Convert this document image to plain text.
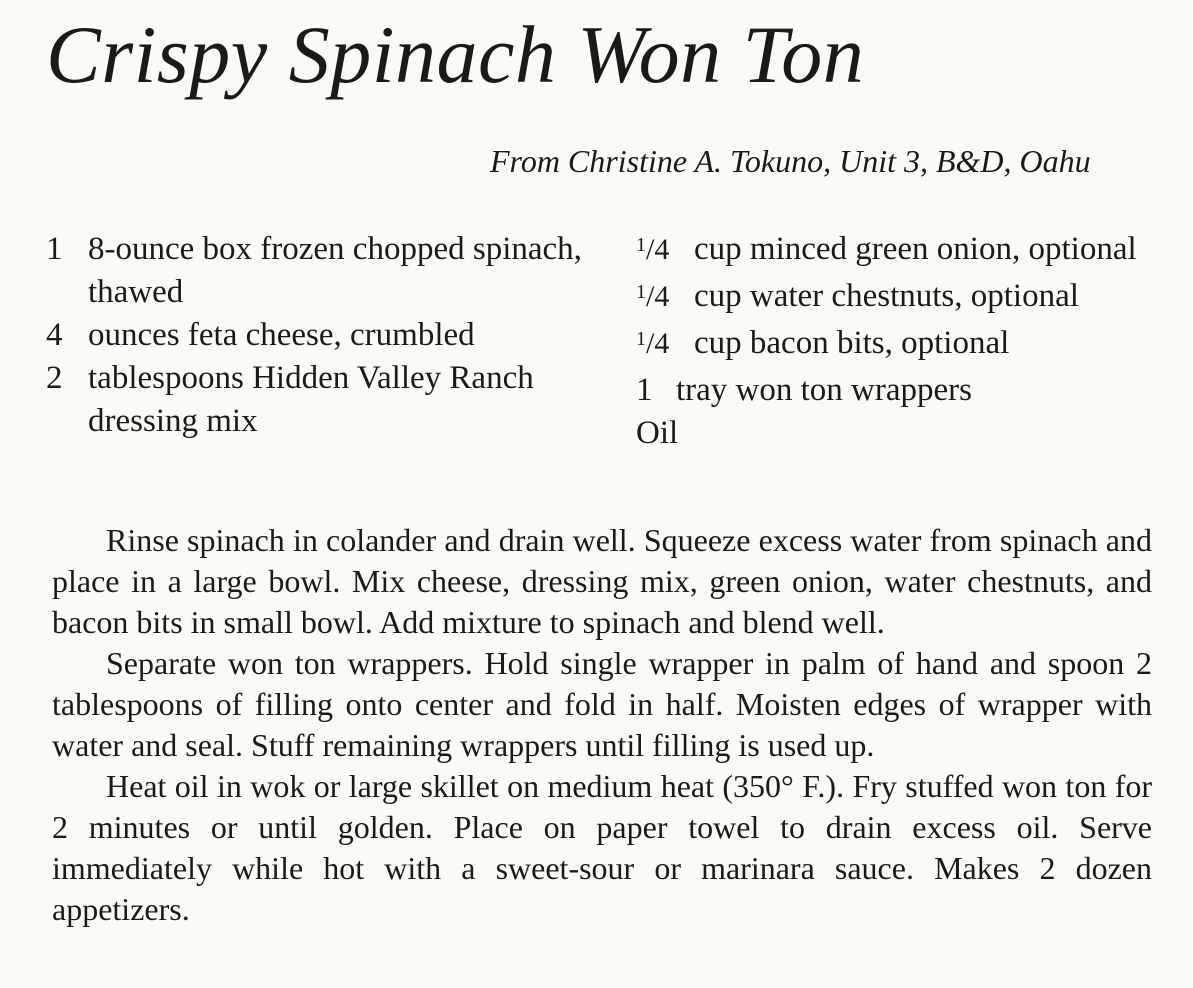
Crispy Spinach Won Ton
From Christine A. Tokuno, Unit 3, B&D, Oahu
1 8-ounce box frozen chopped spinach, thawed
4 ounces feta cheese, crumbled
2 tablespoons Hidden Valley Ranch dressing mix
$^1$/4 cup minced green onion, optional
$^1$/4 cup water chestnuts, optional
$^1$/4 cup bacon bits, optional
1 tray won ton wrappers
Oil

Rinse spinach in colander and drain well. Squeeze excess water from spinach and place in a large bowl. Mix cheese, dressing mix, green onion, water chestnuts, and bacon bits in small bowl. Add mixture to spinach and blend well.

Separate won ton wrappers. Hold single wrapper in palm of hand and spoon 2 tablespoons of filling onto center and fold in half. Moisten edges of wrapper with water and seal. Stuff remaining wrappers until filling is used up.

Heat oil in wok or large skillet on medium heat (350° F.). Fry stuffed won ton for 2 minutes or until golden. Place on paper towel to drain excess oil. Serve immediately while hot with a sweet-sour or marinara sauce. Makes 2 dozen appetizers.
